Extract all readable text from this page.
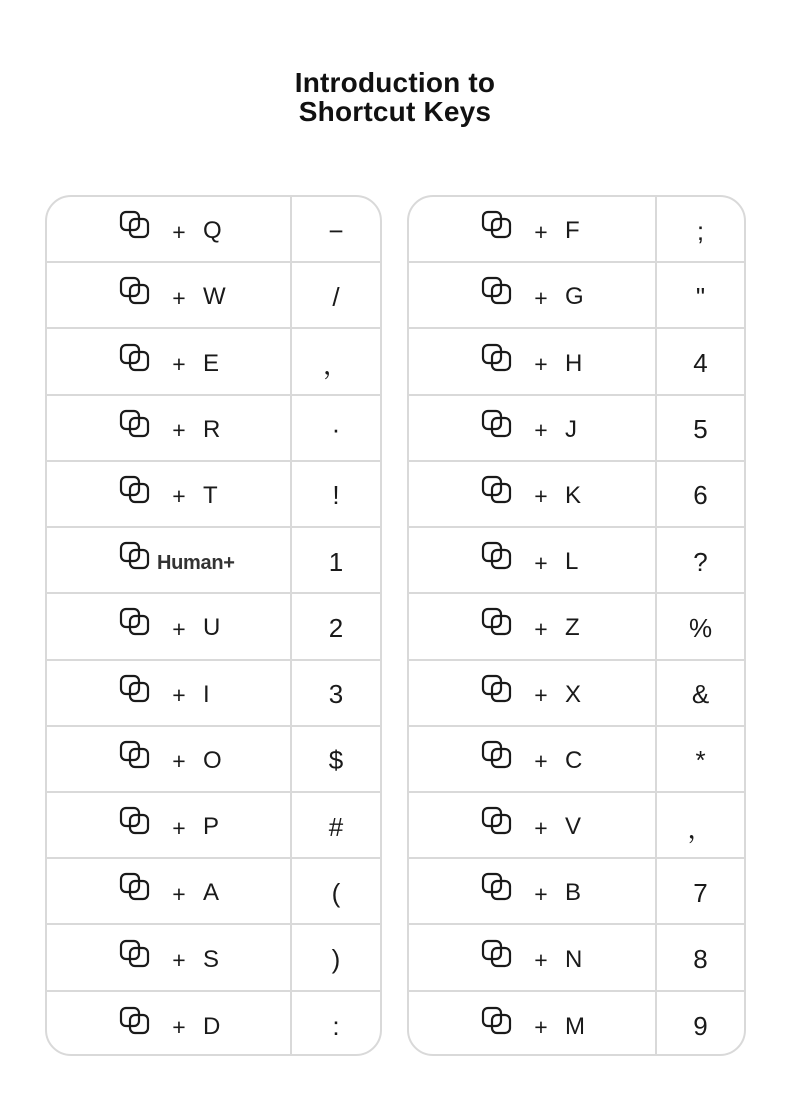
Introduction to
Shortcut Keys
+ Q	−
+ W	/
+ E	，
+ R	·
+ T	!
Human+	1
+ U	2
+ I	3
+ O	$
+ P	#
+ A	(
+ S	)
+ D	:
+ F	;
+ G	"
+ H	4
+ J	5
+ K	6
+ L	?
+ Z	%
+ X	&
+ C	*
+ V	，
+ B	7
+ N	8
+ M	9
